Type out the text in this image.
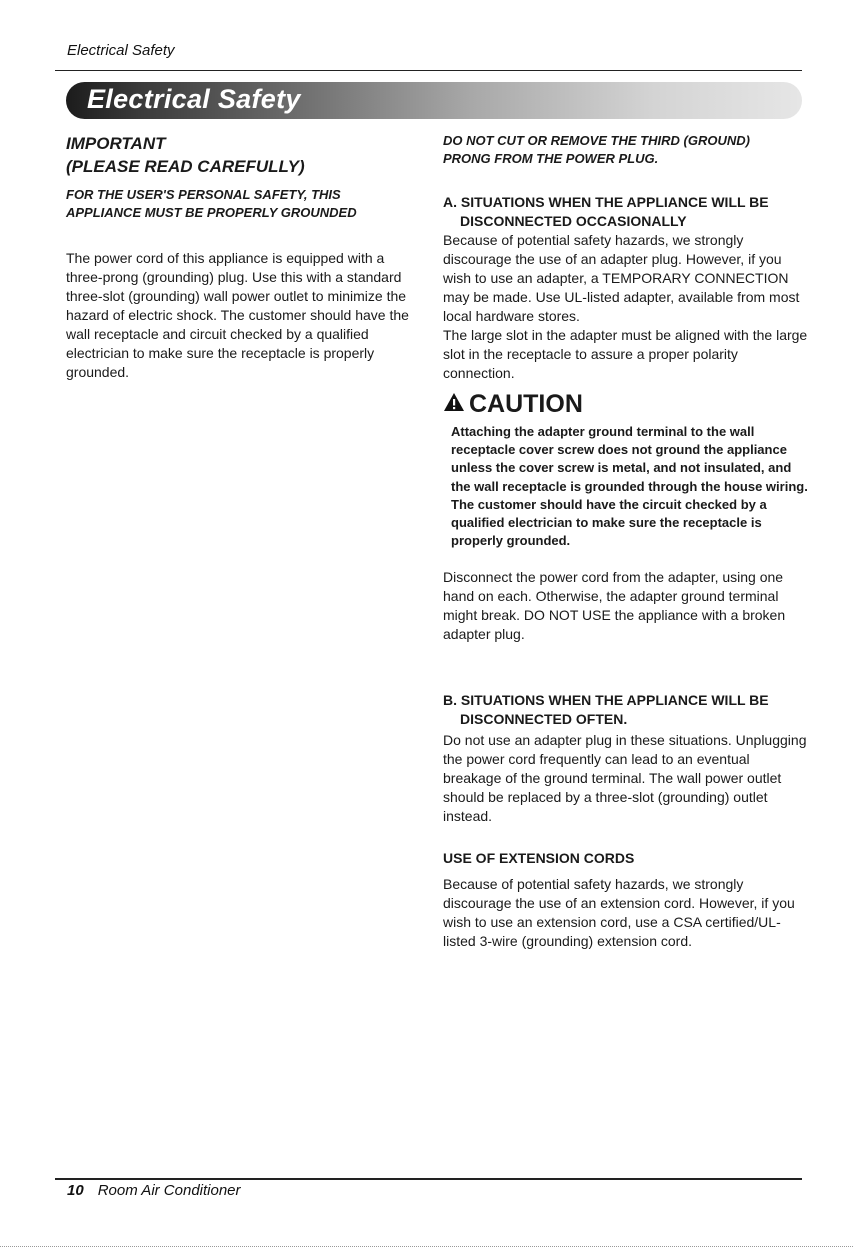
Electrical Safety
Electrical Safety

IMPORTANT

(PLEASE READ CAREFULLY)

FOR THE USER'S PERSONAL SAFETY, THIS

APPLIANCE MUST BE PROPERLY GROUNDED

The power cord of this appliance is equipped with a three-prong (grounding) plug. Use this with a standard three-slot (grounding) wall power outlet to minimize the hazard of electric shock. The customer should have the wall receptacle and circuit checked by a qualified electrician to make sure the receptacle is properly grounded.

DO NOT CUT OR REMOVE THE THIRD (GROUND)

PRONG FROM THE POWER PLUG.

A. SITUATIONS WHEN THE APPLIANCE WILL BE
DISCONNECTED OCCASIONALLY

Because of potential safety hazards, we strongly discourage the use of an adapter plug. However, if you wish to use an adapter, a TEMPORARY CONNECTION may be made. Use UL-listed adapter, available from most local hardware stores.

The large slot in the adapter must be aligned with the large slot in the receptacle to assure a proper polarity connection.

CAUTION

Attaching the adapter ground terminal to the wall receptacle cover screw does not ground the appliance unless the cover screw is metal, and not insulated, and the wall receptacle is grounded through the house wiring. The customer should have the circuit checked by a qualified electrician to make sure the receptacle is properly grounded.

Disconnect the power cord from the adapter, using one hand on each. Otherwise, the adapter ground terminal might break. DO NOT USE the appliance with a broken adapter plug.

B. SITUATIONS WHEN THE APPLIANCE WILL BE
DISCONNECTED OFTEN.

Do not use an adapter plug in these situations. Unplugging the power cord frequently can lead to an eventual breakage of the ground terminal. The wall power outlet should be replaced by a three-slot (grounding) outlet instead.

USE OF EXTENSION CORDS

Because of potential safety hazards, we strongly discourage the use of an extension cord. However, if you wish to use an extension cord, use a CSA certified/UL-listed 3-wire (grounding) extension cord.

10 Room Air Conditioner
